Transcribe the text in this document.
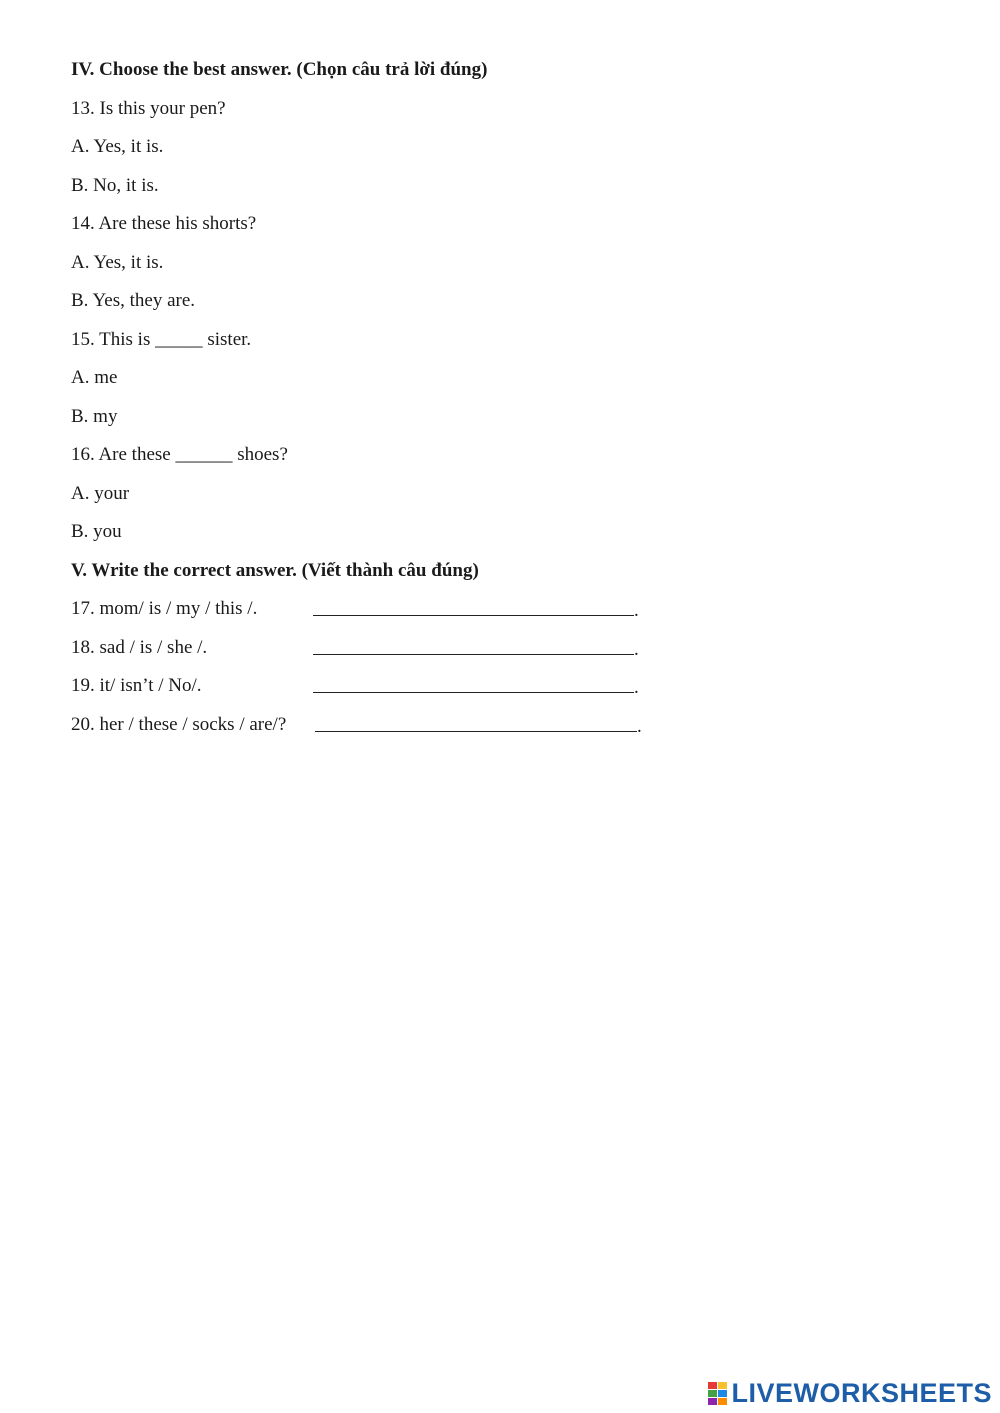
IV. Choose the best answer. (Chọn câu trả lời đúng)
13. Is this your pen?
A. Yes, it is.
B. No, it is.
14. Are these his shorts?
A. Yes, it is.
B. Yes, they are.
15. This is _____ sister.
A. me
B. my
16. Are these ______ shoes?
A. your
B. you
V. Write the correct answer. (Viết thành câu đúng)
17. mom/ is / my / this /.	.
18. sad / is / she /.	.
19. it/ isn’t / No/.	.
20. her / these / socks / are/?	.
LIVEWORKSHEETS
